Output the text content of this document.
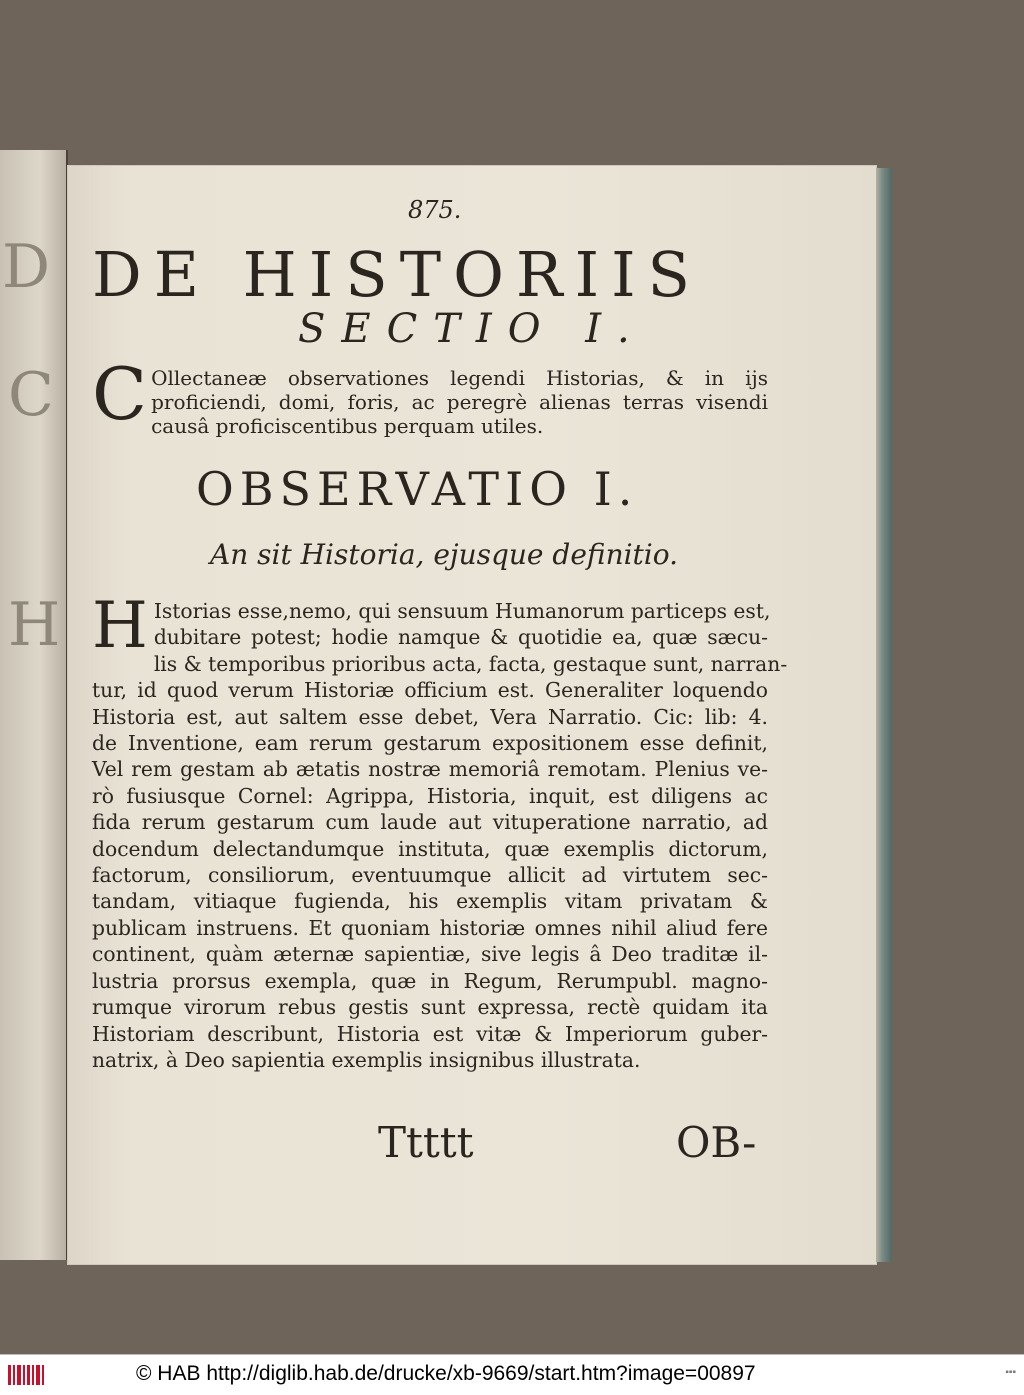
D
C
H
875.
DE HISTORIIS
SECTIO I.
C Ollectaneæ observationes legendi Historias, & in ijs proficiendi, domi, foris, ac peregrè alienas terras visendi causâ proficiscentibus perquam utiles.
OBSERVATIO I.
An sit Historia, ejusque definitio.
H Istorias esse,nemo, qui sensuum Humanorum particeps est,
dubitare potest; hodie namque & quotidie ea, quæ sæcu-
lis & temporibus prioribus acta, facta, gestaque sunt, narran-
tur, id quod verum Historiæ officium est. Generaliter loquendo
Historia est, aut saltem esse debet, Vera Narratio. Cic: lib: 4.
de Inventione, eam rerum gestarum expositionem esse definit,
Vel rem gestam ab ætatis nostræ memoriâ remotam. Plenius ve-
rò fusiusque Cornel: Agrippa, Historia, inquit, est diligens ac
fida rerum gestarum cum laude aut vituperatione narratio, ad
docendum delectandumque instituta, quæ exemplis dictorum,
factorum, consiliorum, eventuumque allicit ad virtutem sec-
tandam, vitiaque fugienda, his exemplis vitam privatam &
publicam instruens. Et quoniam historiæ omnes nihil aliud fere
continent, quàm æternæ sapientiæ, sive legis â Deo traditæ il-
lustria prorsus exempla, quæ in Regum, Rerumpubl. magno-
rumque virorum rebus gestis sunt expressa, rectè quidam ita
Historiam describunt, Historia est vitæ & Imperiorum guber-
natrix, à Deo sapientia exemplis insignibus illustrata.
Ttttt	OB-
© HAB http://diglib.hab.de/drucke/xb-9669/start.htm?image=00897	▪▪▪
